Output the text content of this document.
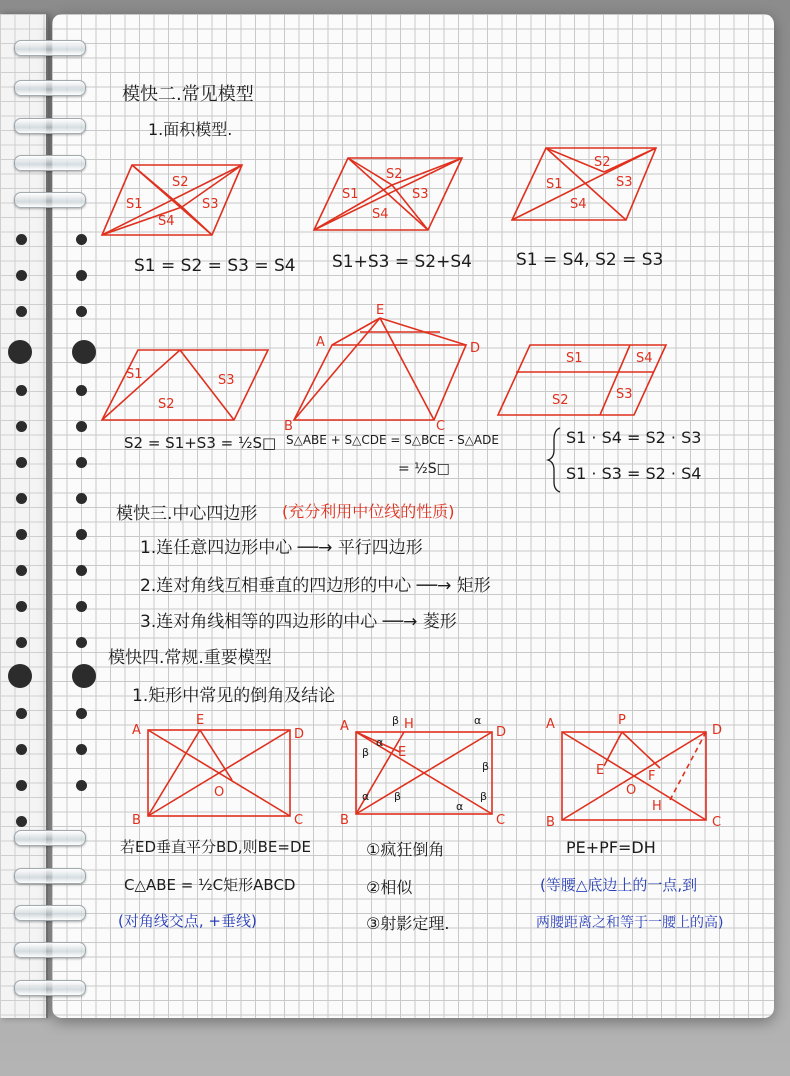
模快二.常见模型
1.面积模型.
S2
S1	S3
S4
S2
S1	S3
S4
S2
S1	S3
S4
S1
S2
S3
A
E
D
B	C
S1	S4
S2	S3
S1 = S2 = S3 = S4 S1+S3 = S2+S4	S1 = S4, S2 = S3
S2 = S1+S3 = ½S□ S△ABE + S△CDE = S△BCE - S△ADE
= ½S□
S1 · S4 = S2 · S3
S1 · S3 = S2 · S4
模快三.中心四边形 (充分利用中位线的性质)
1.连任意四边形中心 ──→ 平行四边形
2.连对角线互相垂直的四边形的中心 ──→ 矩形
3.连对角线相等的四边形的中心 ──→ 菱形
模快四.常规.重要模型
1.矩形中常见的倒角及结论
A
E
D
B	C
O
A	H
D
E
B	C
α
β
β
α
β
α β
α
β
A	P
D
E	F
O
H
B	C
若ED垂直平分BD,则BE=DE
C△ABE = ½C矩形ABCD
(对角线交点, +垂线)
①疯狂倒角
②相似
③射影定理.
PE+PF=DH
(等腰△底边上的一点,到
两腰距离之和等于一腰上的高)
